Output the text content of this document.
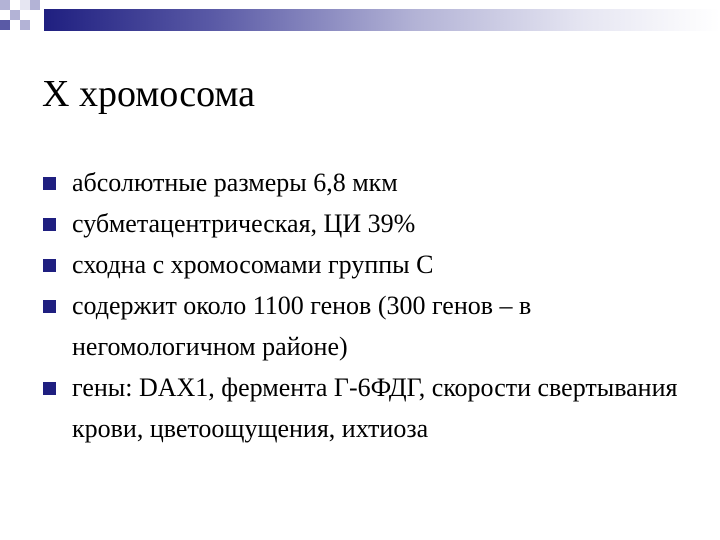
X хромосома
абсолютные размеры 6,8 мкм
субметацентрическая, ЦИ 39%
сходна с хромосомами группы С
содержит около 1100 генов (300 генов – в негомологичном районе)
гены: DAX1, фермента Г-6ФДГ, скорости свертывания крови, цветоощущения, ихтиоза
